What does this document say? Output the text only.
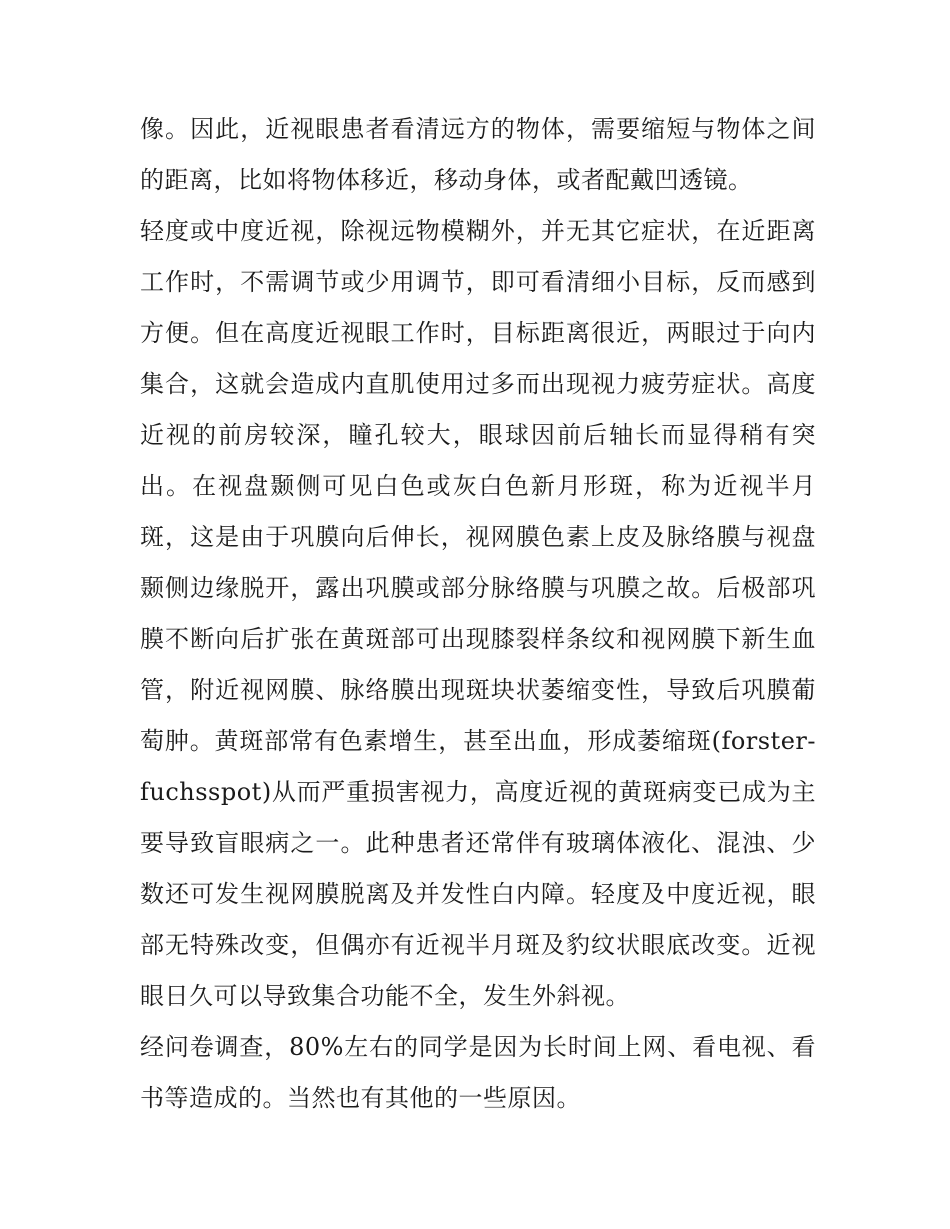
像。因此，近视眼患者看清远方的物体，需要缩短与物体之间的距离，比如将物体移近，移动身体，或者配戴凹透镜。

轻度或中度近视，除视远物模糊外，并无其它症状，在近距离工作时，不需调节或少用调节，即可看清细小目标，反而感到方便。但在高度近视眼工作时，目标距离很近，两眼过于向内集合，这就会造成内直肌使用过多而出现视力疲劳症状。高度近视的前房较深，瞳孔较大，眼球因前后轴长而显得稍有突出。在视盘颞侧可见白色或灰白色新月形斑，称为近视半月斑，这是由于巩膜向后伸长，视网膜色素上皮及脉络膜与视盘颞侧边缘脱开，露出巩膜或部分脉络膜与巩膜之故。后极部巩膜不断向后扩张在黄斑部可出现膝裂样条纹和视网膜下新生血管，附近视网膜、脉络膜出现斑块状萎缩变性，导致后巩膜葡萄肿。黄斑部常有色素增生，甚至出血，形成萎缩斑(forster-fuchsspot)从而严重损害视力，高度近视的黄斑病变已成为主要导致盲眼病之一。此种患者还常伴有玻璃体液化、混浊、少数还可发生视网膜脱离及并发性白内障。轻度及中度近视，眼部无特殊改变，但偶亦有近视半月斑及豹纹状眼底改变。近视眼日久可以导致集合功能不全，发生外斜视。

经问卷调查，80%左右的同学是因为长时间上网、看电视、看书等造成的。当然也有其他的一些原因。
